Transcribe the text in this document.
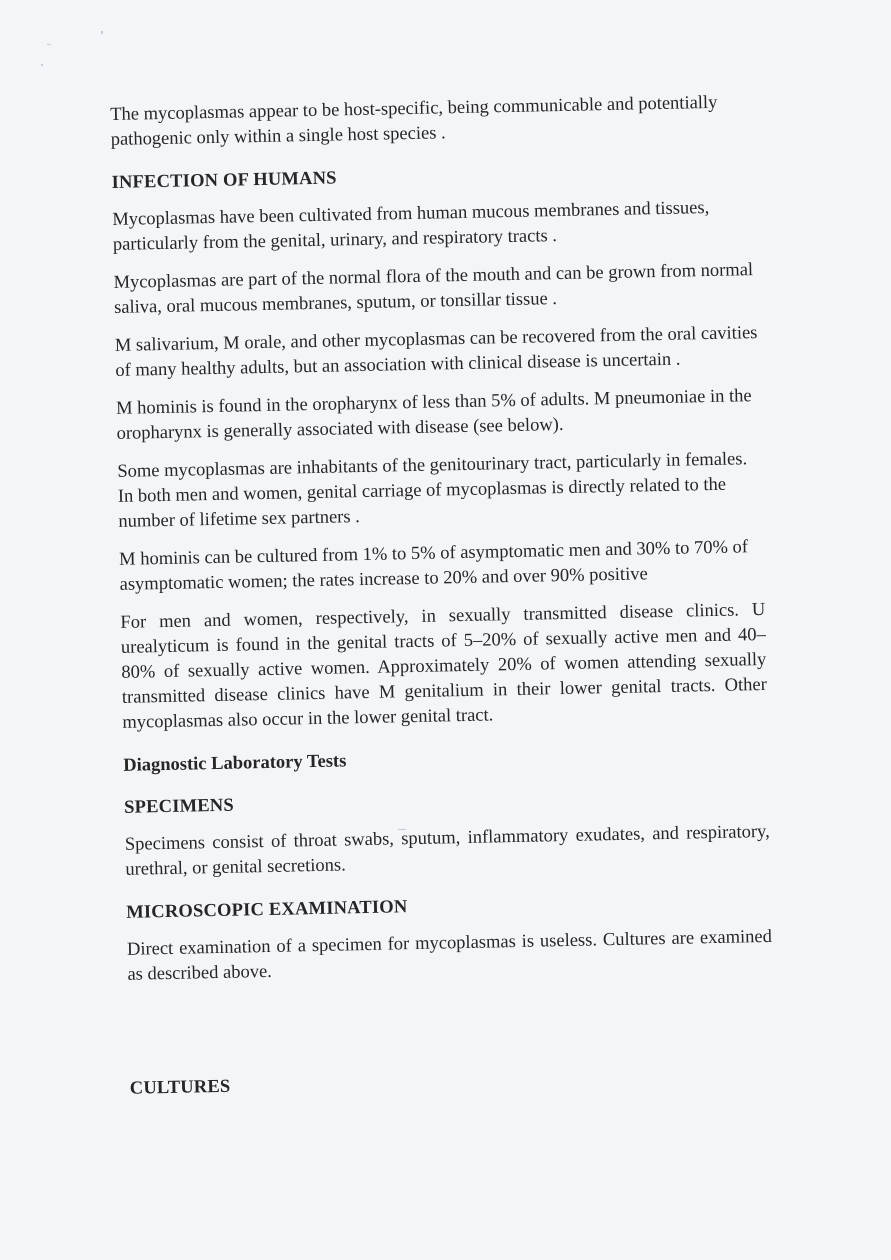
The mycoplasmas appear to be host-specific, being communicable and potentially pathogenic only within a single host species .

INFECTION OF HUMANS

Mycoplasmas have been cultivated from human mucous membranes and tissues, particularly from the genital, urinary, and respiratory tracts .

Mycoplasmas are part of the normal flora of the mouth and can be grown from normal saliva, oral mucous membranes, sputum, or tonsillar tissue .

M salivarium, M orale, and other mycoplasmas can be recovered from the oral cavities of many healthy adults, but an association with clinical disease is uncertain .

M hominis is found in the oropharynx of less than 5% of adults. M pneumoniae in the oropharynx is generally associated with disease (see below).

Some mycoplasmas are inhabitants of the genitourinary tract, particularly in females. In both men and women, genital carriage of mycoplasmas is directly related to the number of lifetime sex partners .

M hominis can be cultured from 1% to 5% of asymptomatic men and 30% to 70% of asymptomatic women; the rates increase to 20% and over 90% positive

For men and women, respectively, in sexually transmitted disease clinics. U urealyticum is found in the genital tracts of 5–20% of sexually active men and 40–80% of sexually active women. Approximately 20% of women attending sexually transmitted disease clinics have M genitalium in their lower genital tracts. Other mycoplasmas also occur in the lower genital tract.

Diagnostic Laboratory Tests
SPECIMENS

Specimens consist of throat swabs, sputum, inflammatory exudates, and respiratory, urethral, or genital secretions.

MICROSCOPIC EXAMINATION

Direct examination of a specimen for mycoplasmas is useless. Cultures are examined as described above.

CULTURES
